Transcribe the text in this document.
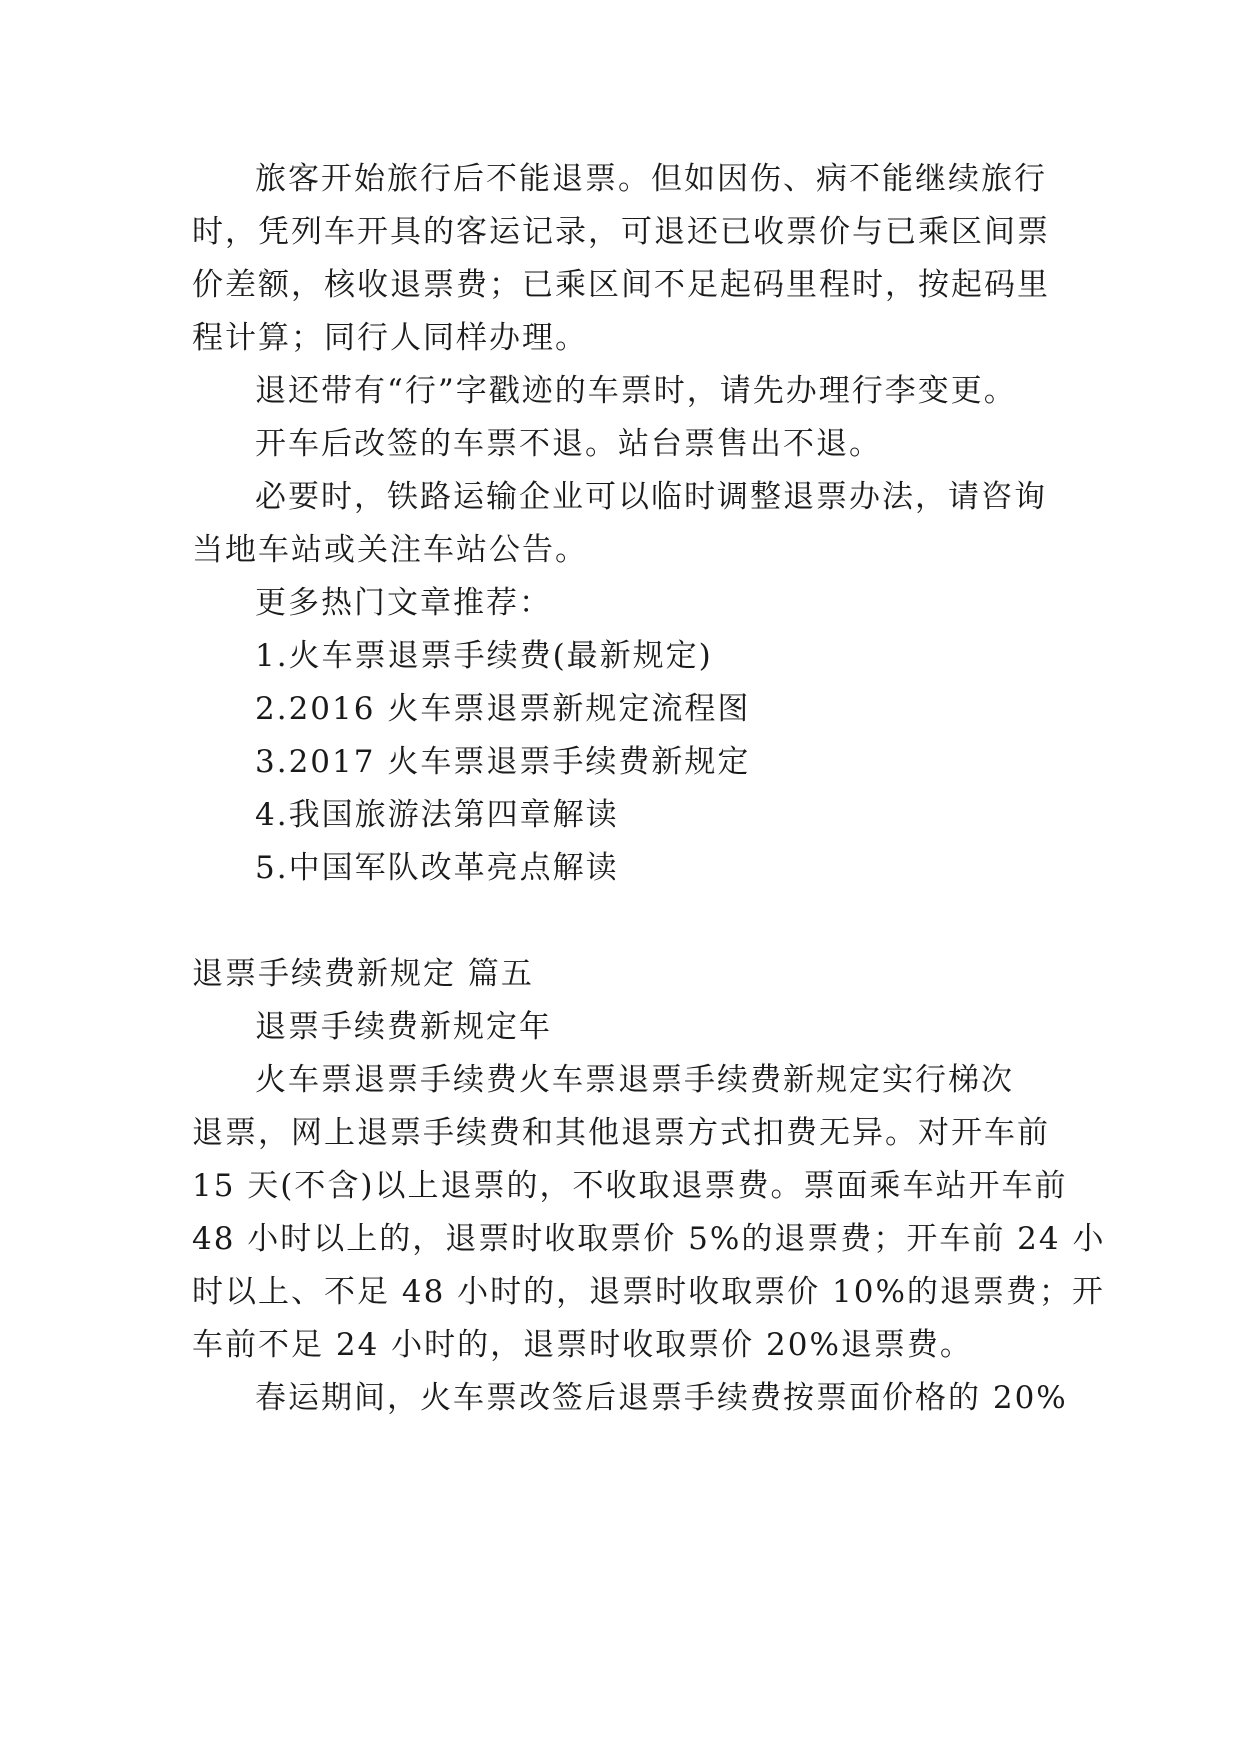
旅客开始旅行后不能退票。但如因伤、病不能继续旅行
时，凭列车开具的客运记录，可退还已收票价与已乘区间票
价差额，核收退票费；已乘区间不足起码里程时，按起码里
程计算；同行人同样办理。
退还带有“行”字戳迹的车票时，请先办理行李变更。
开车后改签的车票不退。站台票售出不退。
必要时，铁路运输企业可以临时调整退票办法，请咨询
当地车站或关注车站公告。
更多热门文章推荐：
1.火车票退票手续费(最新规定)
2.2016 火车票退票新规定流程图
3.2017 火车票退票手续费新规定
4.我国旅游法第四章解读
5.中国军队改革亮点解读
退票手续费新规定 篇五
退票手续费新规定年
火车票退票手续费火车票退票手续费新规定实行梯次
退票，网上退票手续费和其他退票方式扣费无异。对开车前
15 天(不含)以上退票的，不收取退票费。票面乘车站开车前
48 小时以上的，退票时收取票价 5%的退票费；开车前 24 小
时以上、不足 48 小时的，退票时收取票价 10%的退票费；开
车前不足 24 小时的，退票时收取票价 20%退票费。
春运期间，火车票改签后退票手续费按票面价格的 20%
